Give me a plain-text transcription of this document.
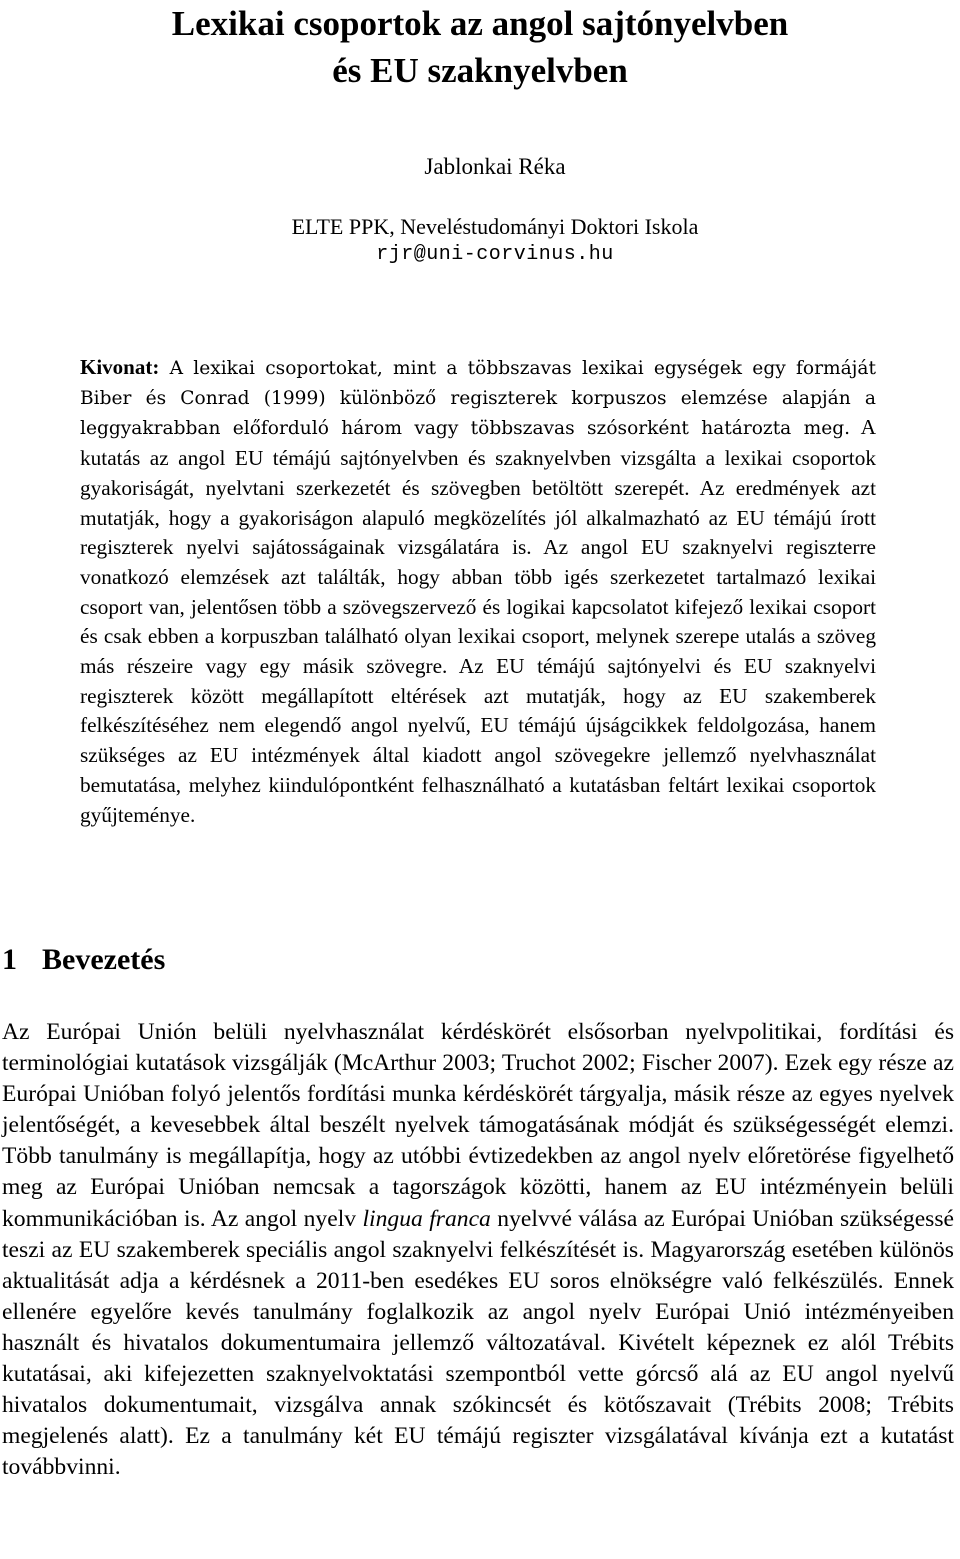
Lexikai csoportok az angol sajtónyelvben
és EU szaknyelvben

Jablonkai Réka

ELTE PPK, Neveléstudományi Doktori Iskola

rjr@uni-corvinus.hu

Kivonat: A lexikai csoportokat, mint a többszavas lexikai egységek egy formáját Biber és Conrad (1999) különböző regiszterek korpuszos elemzése alapján a leggyakrabban előforduló három vagy többszavas szósorként határozta meg. A kutatás az angol EU témájú sajtónyelvben és szaknyelvben vizsgálta a lexikai csoportok gyakoriságát, nyelvtani szerkezetét és szövegben betöltött szerepét. Az eredmények azt mutatják, hogy a gyakoriságon alapuló megközelítés jól alkalmazható az EU témájú írott regiszterek nyelvi sajátosságainak vizsgálatára is. Az angol EU szaknyelvi regiszterre vonatkozó elemzések azt találták, hogy abban több igés szerkezetet tartalmazó lexikai csoport van, jelentősen több a szövegszervező és logikai kapcsolatot kifejező lexikai csoport és csak ebben a korpuszban található olyan lexikai csoport, melynek szerepe utalás a szöveg más részeire vagy egy másik szövegre. Az EU témájú sajtónyelvi és EU szaknyelvi regiszterek között megállapított eltérések azt mutatják, hogy az EU szakemberek felkészítéséhez nem elegendő angol nyelvű, EU témájú újságcikkek feldolgozása, hanem szükséges az EU intézmények által kiadott angol szövegekre jellemző nyelvhasználat bemutatása, melyhez kiindulópontként felhasználható a kutatásban feltárt lexikai csoportok gyűjteménye.

1 Bevezetés

Az Európai Unión belüli nyelvhasználat kérdéskörét elsősorban nyelvpolitikai, fordítási és terminológiai kutatások vizsgálják (McArthur 2003; Truchot 2002; Fischer 2007). Ezek egy része az Európai Unióban folyó jelentős fordítási munka kérdéskörét tárgyalja, másik része az egyes nyelvek jelentőségét, a kevesebbek által beszélt nyelvek támogatásának módját és szükségességét elemzi. Több tanulmány is megállapítja, hogy az utóbbi évtizedekben az angol nyelv előretörése figyelhető meg az Európai Unióban nemcsak a tagországok közötti, hanem az EU intézményein belüli kommunikációban is. Az angol nyelv lingua franca nyelvvé válása az Európai Unióban szükségessé teszi az EU szakemberek speciális angol szaknyelvi felkészítését is. Magyarország esetében különös aktualitását adja a kérdésnek a 2011-ben esedékes EU soros elnökségre való felkészülés. Ennek ellenére egyelőre kevés tanulmány foglalkozik az angol nyelv Európai Unió intézményeiben használt és hivatalos dokumentumaira jellemző változatával. Kivételt képeznek ez alól Trébits kutatásai, aki kifejezetten szaknyelvoktatási szempontból vette górcső alá az EU angol nyelvű hivatalos dokumentumait, vizsgálva annak szókincsét és kötőszavait (Trébits 2008; Trébits megjelenés alatt). Ez a tanulmány két EU témájú regiszter vizsgálatával kívánja ezt a kutatást továbbvinni.
